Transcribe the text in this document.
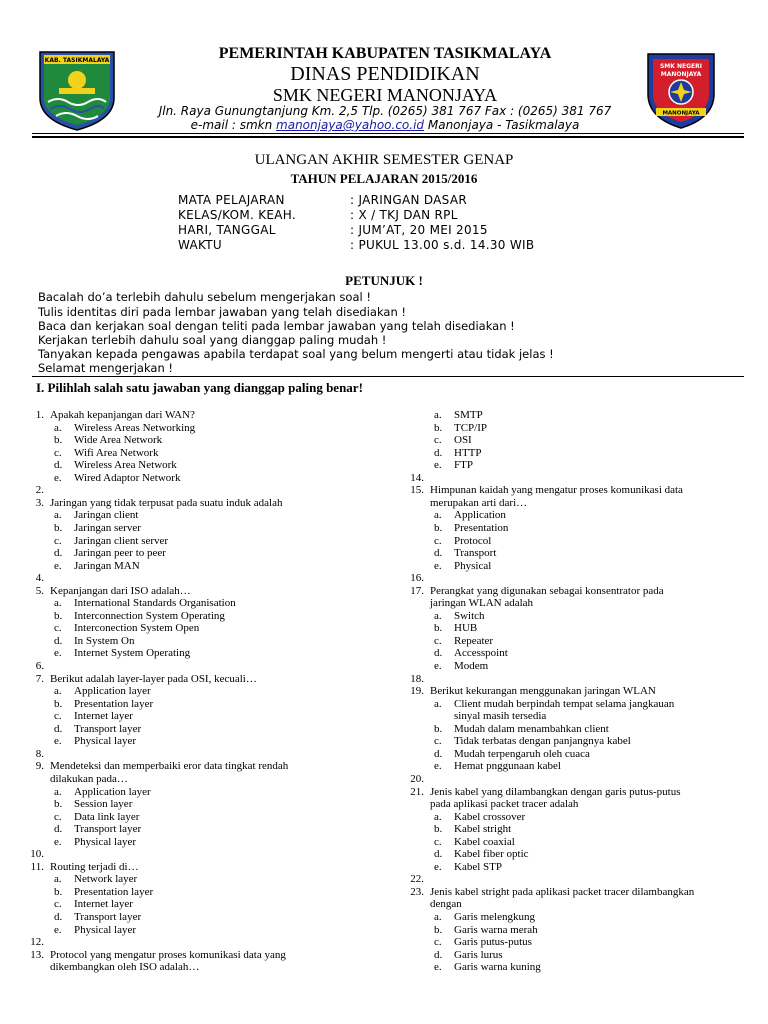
KAB. TASIKMALAYA
SMK NEGERI
MANONJAYA
MANONJAYA
PEMERINTAH KABUPATEN TASIKMALAYA
DINAS PENDIDIKAN
SMK NEGERI MANONJAYA
Jln. Raya Gunungtanjung Km. 2,5 Tlp. (0265) 381 767 Fax : (0265) 381 767
e-mail : smkn manonjaya@yahoo.co.id Manonjaya - Tasikmalaya
ULANGAN AKHIR SEMESTER GENAP
TAHUN PELAJARAN 2015/2016
MATA PELAJARAN	: JARINGAN DASAR
KELAS/KOM. KEAH.	: X / TKJ DAN RPL
HARI, TANGGAL	: JUM’AT, 20 MEI 2015
WAKTU	: PUKUL 13.00 s.d. 14.30 WIB
PETUNJUK !
Bacalah do’a terlebih dahulu sebelum mengerjakan soal !
Tulis identitas diri pada lembar jawaban yang telah disediakan !
Baca dan kerjakan soal dengan teliti pada lembar jawaban yang telah disediakan !
Kerjakan terlebih dahulu soal yang dianggap paling mudah !
Tanyakan kepada pengawas apabila terdapat soal yang belum mengerti atau tidak jelas !
Selamat mengerjakan !
I. Pilihlah salah satu jawaban yang dianggap paling benar!
1. Apakah kepanjangan dari WAN?
a.	Wireless Areas Networking
b.	Wide Area Network
c.	Wifi Area Network
d.	Wireless Area Network
e.	Wired Adaptor Network
2.
3. Jaringan yang tidak terpusat pada suatu induk adalah
a.	Jaringan client
b.	Jaringan server
c.	Jaringan client server
d.	Jaringan peer to peer
e.	Jaringan MAN
4.
5. Kepanjangan dari ISO adalah…
a.	International Standards Organisation
b.	Interconnection System Operating
c.	Interconection System Open
d.	In System On
e.	Internet System Operating
6.
7. Berikut adalah layer-layer pada OSI, kecuali…
a.	Application layer
b.	Presentation layer
c.	Internet layer
d.	Transport layer
e.	Physical layer
8.
9. Mendeteksi dan memperbaiki eror data tingkat rendah
dilakukan pada…
a.	Application layer
b.	Session layer
c.	Data link layer
d.	Transport layer
e.	Physical layer
10.
11. Routing terjadi di…
a.	Network layer
b.	Presentation layer
c.	Internet layer
d.	Transport layer
e.	Physical layer
12.
13. Protocol yang mengatur proses komunikasi data yang
dikembangkan oleh ISO adalah…
a.	SMTP
b.	TCP/IP
c.	OSI
d.	HTTP
e.	FTP
14.
15. Himpunan kaidah yang mengatur proses komunikasi data
merupakan arti dari…
a.	Application
b.	Presentation
c.	Protocol
d.	Transport
e.	Physical
16.
17. Perangkat yang digunakan sebagai konsentrator pada
jaringan WLAN adalah
a.	Switch
b.	HUB
c.	Repeater
d.	Accesspoint
e.	Modem
18.
19. Berikut kekurangan menggunakan jaringan WLAN
a.	Client mudah berpindah tempat selama jangkauan
sinyal masih tersedia
b.	Mudah dalam menambahkan client
c.	Tidak terbatas dengan panjangnya kabel
d.	Mudah terpengaruh oleh cuaca
e.	Hemat pnggunaan kabel
20.
21. Jenis kabel yang dilambangkan dengan garis putus-putus
pada aplikasi packet tracer adalah
a.	Kabel crossover
b.	Kabel stright
c.	Kabel coaxial
d.	Kabel fiber optic
e.	Kabel STP
22.
23. Jenis kabel stright pada aplikasi packet tracer dilambangkan
dengan
a.	Garis melengkung
b.	Garis warna merah
c.	Garis putus-putus
d.	Garis lurus
e.	Garis warna kuning
